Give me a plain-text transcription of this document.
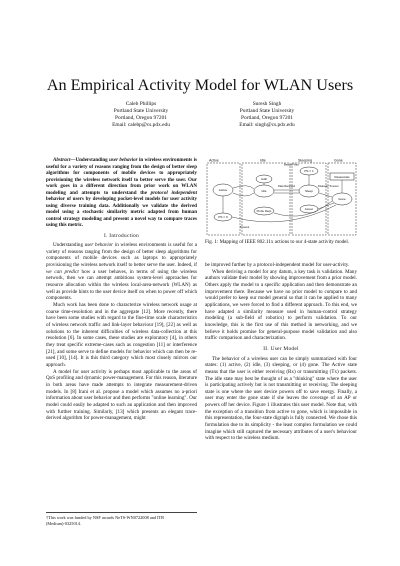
An Empirical Activity Model for WLAN Users
Caleb Phillips
Portland State University
Portland, Oregon 97201
Email: calebp@cs.pdx.edu
Suresh Singh
Portland State University
Portland, Oregon 97201
Email: singh@cs.pdx.edu

Abstract—Understanding user behavior in wireless environments is useful for a variety of reasons ranging from the design of better sleep algorithms for components of mobile devices to appropriately provisioning the wireless network itself to better serve the user. Our work goes in a different direction from prior work on WLAN modeling and attempts to understand the protocol independent behavior of users by developing pocket-level models for user activity using diverse training data. Additionally we validate the derived model using a stochastic similarity metric adapted from human control strategy modeling and present a novel way to compare traces using this metric.

I. Introduction

Understanding user behavior in wireless environments is useful for a variety of reasons ranging from the design of better sleep algorithms for components of mobile devices such as laptops to appropriately provisioning the wireless network itself to better serve the user. Indeed, if we can predict how a user behaves, in terms of using the wireless network, then we can attempt ambitious system-level approaches for resource allocation within the wireless local-area-network (WLAN) as well as provide hints to the user device itself on when to power off which components.

Much work has been done to characterize wireless network usage at coarse time-resolution and in the aggregate [12]. More recently, there have been some studies with regard to the fine-time scale characteristics of wireless network traffic and link-layer behaviour [19], [22] as well as solutions to the inherent difficulties of wireless data-collection at this resolution [6]. In some cases, these studies are exploratory [4], in others they treat specific extreme-cases such as congestion [11] or interference [21], and some serve to define models for behavior which can then be re-used [10], [14]. It is this third category which most closely mirrors our approach.

A model for user activity is perhaps most applicable to the areas of QoS profiling and dynamic power-management. For this reason, literature in both areas have made attempts to integrate measurement-driven models. In [8] Irani et al. propose a model which assumes no a-priori information about user behavior and then performs "online learning". Our model could easily be adapted to such an application and then improved with further training. Similarly, [13] which presents an elegant trace-derived algorithm for power-management, might

†This work was funded by NSF awards NeTS-WN0722008 and ITR (Medium)-0325014.
Active	Idle	Sleeping	Gone
Active	Idle	Sleep
Gone
PS = 1
PS = 0
Disassociate
Probe Reqs
Auth
Assoc
Beacon Wait
Data Received	Disassoc Timeout
Timeout
Fig. 1: Mapping of IEEE 802.11x actions to our 4-state activity model.

be improved further by a protocol-independent model for user-activity.

When deriving a model for any datum, a key task is validation. Many authors validate their model by showing improvement from a prior model. Others apply the model to a specific application and then demonstrate an improvement there. Because we have no prior model to compare to and would prefer to keep our model general so that it can be applied to many applications, we were forced to find a different approach. To this end, we have adapted a similarity measure used in human-control strategy modeling (a sub-field of robotics) to perform validation. To our knowledge, this is the first use of this method in networking, and we believe it holds promise for general-purpose model validation and also traffic comparison and characterization.

II. User Model

The behavior of a wireless user can be simply summarized with four states: (1) active, (2) idle, (3) sleeping, or (4) gone. The Active state means that the user is either receiving (Rx) or transmitting (Tx) packets. The idle state may best be thought of as a "thinking" state where the user is participating actively but is not transmitting or receiving. The sleeping state is one where the user device powers off to save energy. Finally, a user may enter the gone state if she leaves the coverage of an AP or powers off her device. Figure 1 illustrates this user model. Note that, with the exception of a transition from active to gone, which is impossible in this representation, the four-state digraph is fully connected. We chose this formulation due to its simplicity - the least complex formulation we could imagine which still captured the necessary attributes of a user's behaviour with respect to the wireless medium.
